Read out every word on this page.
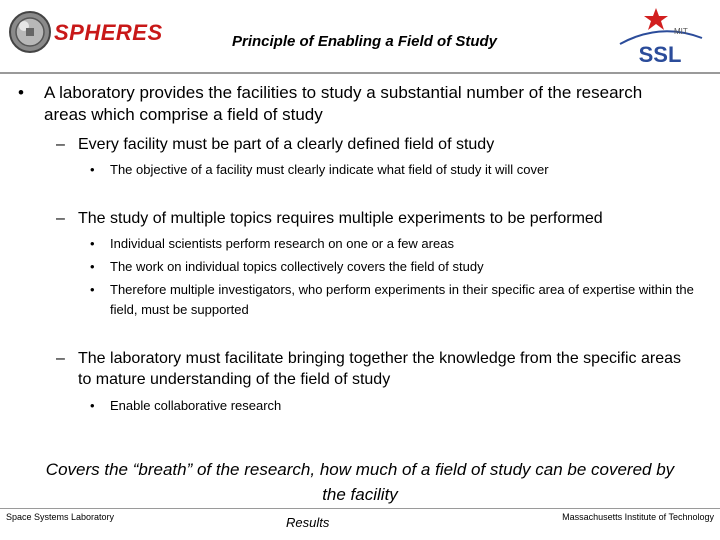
SPHERES	Principle of Enabling a Field of Study
SSL
MIT
• A laboratory provides the facilities to study a substantial number of the research areas which comprise a field of study
– Every facility must be part of a clearly defined field of study
• The objective of a facility must clearly indicate what field of study it will cover
– The study of multiple topics requires multiple experiments to be performed
• Individual scientists perform research on one or a few areas
• The work on individual topics collectively covers the field of study
• Therefore multiple investigators, who perform experiments in their specific area of expertise within the field, must be supported
– The laboratory must facilitate bringing together the knowledge from the specific areas to mature understanding of the field of study
• Enable collaborative research
Covers the “breath” of the research, how much of a field of study can be covered by the facility
Space Systems Laboratory	Results	Massachusetts Institute of Technology
